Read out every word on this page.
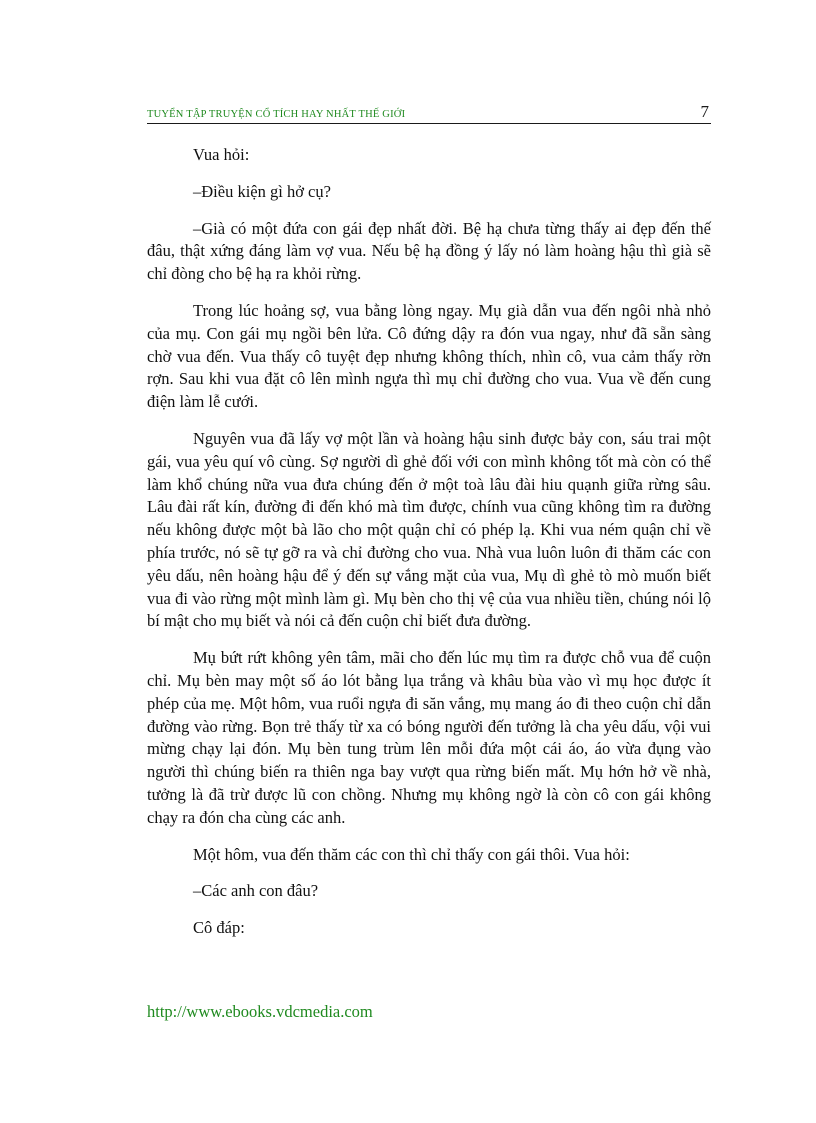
TUYỂN TẬP TRUYỆN CỔ TÍCH HAY NHẤT THẾ GIỚI	7

Vua hỏi:

–Điều kiện gì hở cụ?

–Già có một đứa con gái đẹp nhất đời. Bệ hạ chưa từng thấy ai đẹp đến thế đâu, thật xứng đáng làm vợ vua. Nếu bệ hạ đồng ý lấy nó làm hoàng hậu thì già sẽ chỉ đòng cho bệ hạ ra khỏi rừng.

Trong lúc hoảng sợ, vua bằng lòng ngay. Mụ già dẫn vua đến ngôi nhà nhỏ của mụ. Con gái mụ ngồi bên lửa. Cô đứng dậy ra đón vua ngay, như đã sẵn sàng chờ vua đến. Vua thấy cô tuyệt đẹp nhưng không thích, nhìn cô, vua cảm thấy rờn rợn. Sau khi vua đặt cô lên mình ngựa thì mụ chỉ đường cho vua. Vua về đến cung điện làm lễ cưới.

Nguyên vua đã lấy vợ một lần và hoàng hậu sinh được bảy con, sáu trai một gái, vua yêu quí vô cùng. Sợ người dì ghẻ đối với con mình không tốt mà còn có thể làm khổ chúng nữa vua đưa chúng đến ở một toà lâu đài hiu quạnh giữa rừng sâu. Lâu đài rất kín, đường đi đến khó mà tìm được, chính vua cũng không tìm ra đường nếu không được một bà lão cho một quận chỉ có phép lạ. Khi vua ném quận chỉ về phía trước, nó sẽ tự gỡ ra và chỉ đường cho vua. Nhà vua luôn luôn đi thăm các con yêu dấu, nên hoàng hậu để ý đến sự vắng mặt của vua, Mụ dì ghẻ tò mò muốn biết vua đi vào rừng một mình làm gì. Mụ bèn cho thị vệ của vua nhiều tiền, chúng nói lộ bí mật cho mụ biết và nói cả đến cuộn chỉ biết đưa đường.

Mụ bứt rứt không yên tâm, mãi cho đến lúc mụ tìm ra được chỗ vua để cuộn chỉ. Mụ bèn may một số áo lót bằng lụa trắng và khâu bùa vào vì mụ học được ít phép của mẹ. Một hôm, vua ruổi ngựa đi săn vắng, mụ mang áo đi theo cuộn chỉ dẫn đường vào rừng. Bọn trẻ thấy từ xa có bóng người đến tưởng là cha yêu dấu, vội vui mừng chạy lại đón. Mụ bèn tung trùm lên mỗi đứa một cái áo, áo vừa đụng vào người thì chúng biến ra thiên nga bay vượt qua rừng biến mất. Mụ hớn hở về nhà, tưởng là đã trừ được lũ con chồng. Nhưng mụ không ngờ là còn cô con gái không chạy ra đón cha cùng các anh.

Một hôm, vua đến thăm các con thì chỉ thấy con gái thôi. Vua hỏi:

–Các anh con đâu?

Cô đáp:

http://www.ebooks.vdcmedia.com
